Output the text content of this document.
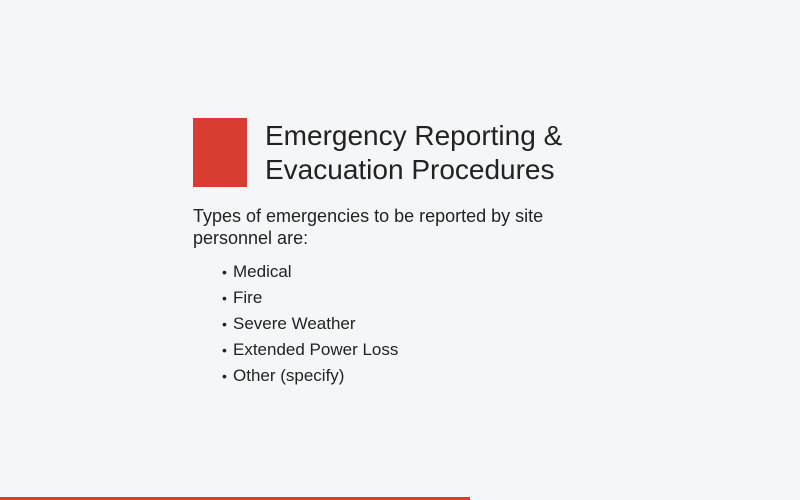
Emergency Reporting & Evacuation Procedures

Types of emergencies to be reported by site personnel are:

• Medical
• Fire
• Severe Weather
• Extended Power Loss
• Other (specify)
